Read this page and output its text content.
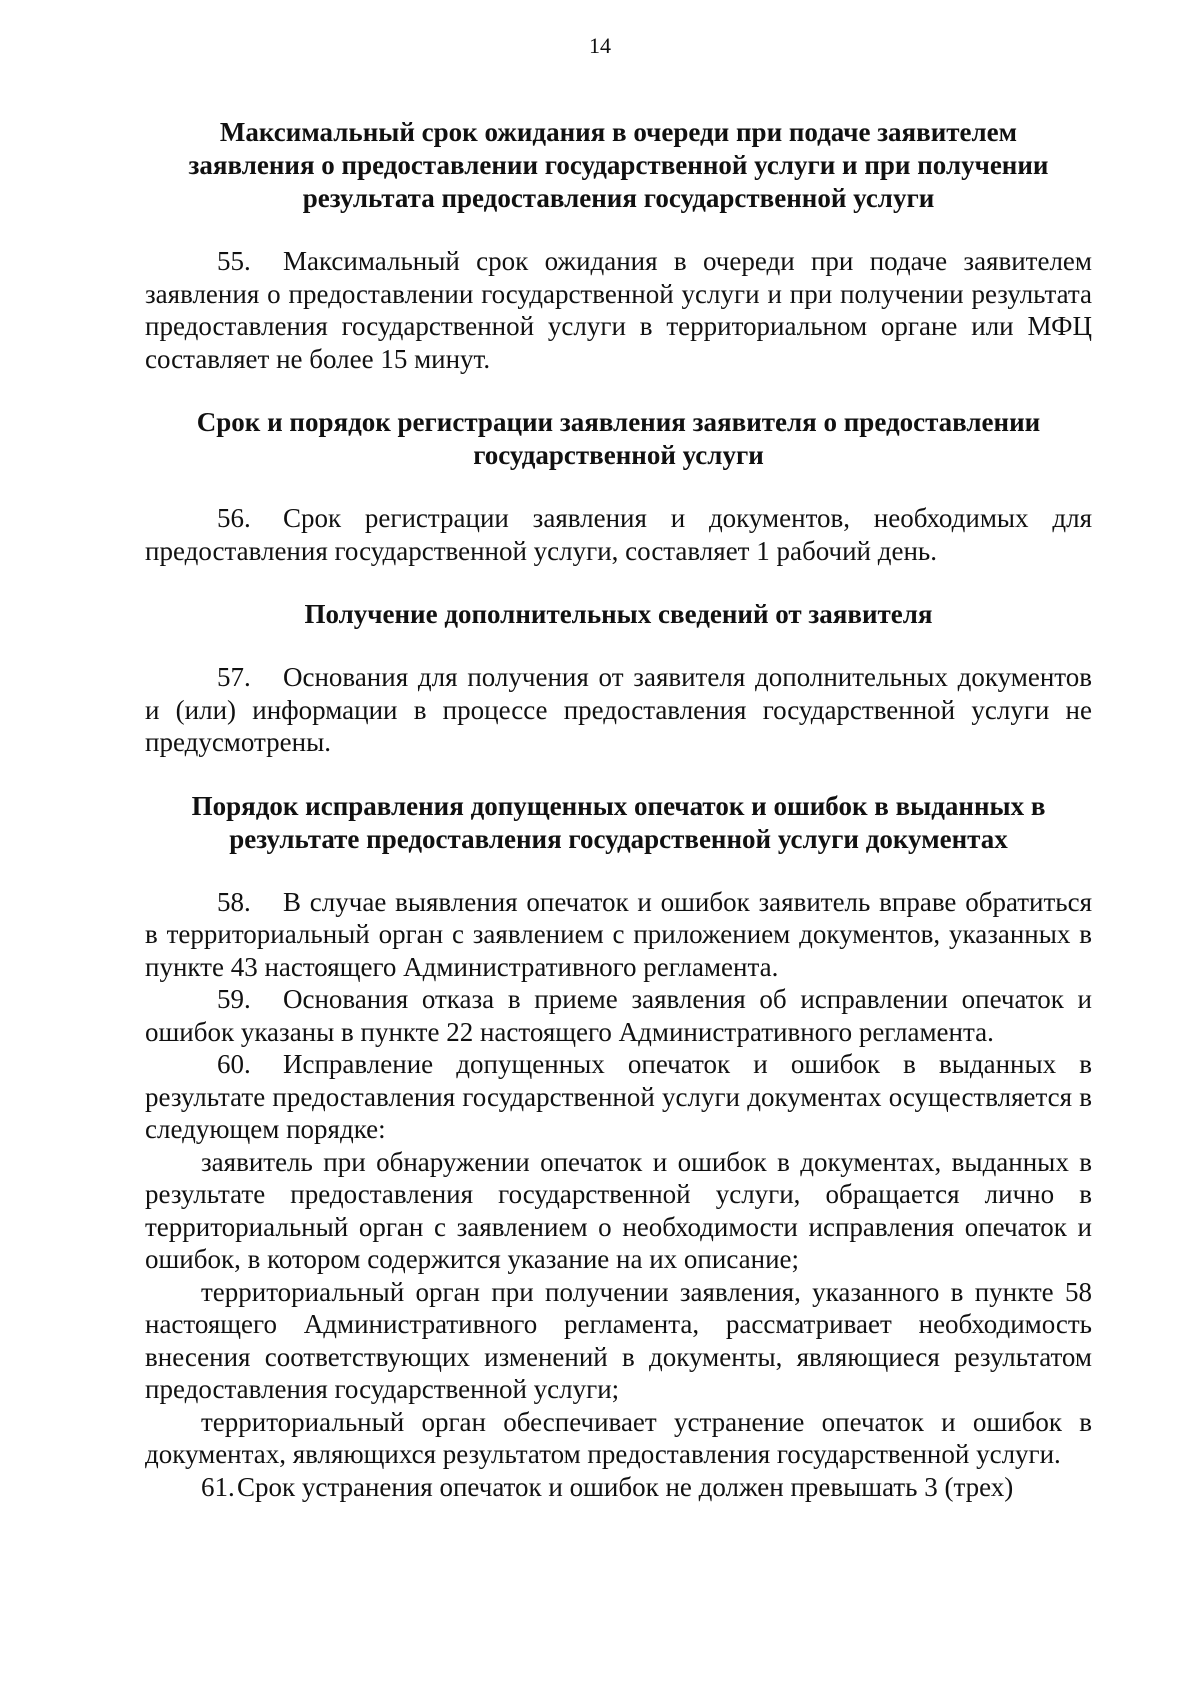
14
Максимальный срок ожидания в очереди при подаче заявителем заявления о предоставлении государственной услуги и при получении результата предоставления государственной услуги

55. Максимальный срок ожидания в очереди при подаче заявителем заявления о предоставлении государственной услуги и при получении результата предоставления государственной услуги в территориальном органе или МФЦ составляет не более 15 минут.

Срок и порядок регистрации заявления заявителя о предоставлении государственной услуги

56. Срок регистрации заявления и документов, необходимых для предоставления государственной услуги, составляет 1 рабочий день.

Получение дополнительных сведений от заявителя

57. Основания для получения от заявителя дополнительных документов и (или) информации в процессе предоставления государственной услуги не предусмотрены.

Порядок исправления допущенных опечаток и ошибок в выданных в результате предоставления государственной услуги документах

58. В случае выявления опечаток и ошибок заявитель вправе обратиться в территориальный орган с заявлением с приложением документов, указанных в пункте 43 настоящего Административного регламента.

59. Основания отказа в приеме заявления об исправлении опечаток и ошибок указаны в пункте 22 настоящего Административного регламента.

60. Исправление допущенных опечаток и ошибок в выданных в результате предоставления государственной услуги документах осуществляется в следующем порядке:

заявитель при обнаружении опечаток и ошибок в документах, выданных в результате предоставления государственной услуги, обращается лично в территориальный орган с заявлением о необходимости исправления опечаток и ошибок, в котором содержится указание на их описание;

территориальный орган при получении заявления, указанного в пункте 58 настоящего Административного регламента, рассматривает необходимость внесения соответствующих изменений в документы, являющиеся результатом предоставления государственной услуги;

территориальный орган обеспечивает устранение опечаток и ошибок в документах, являющихся результатом предоставления государственной услуги.

61.Срок устранения опечаток и ошибок не должен превышать 3 (трех)
